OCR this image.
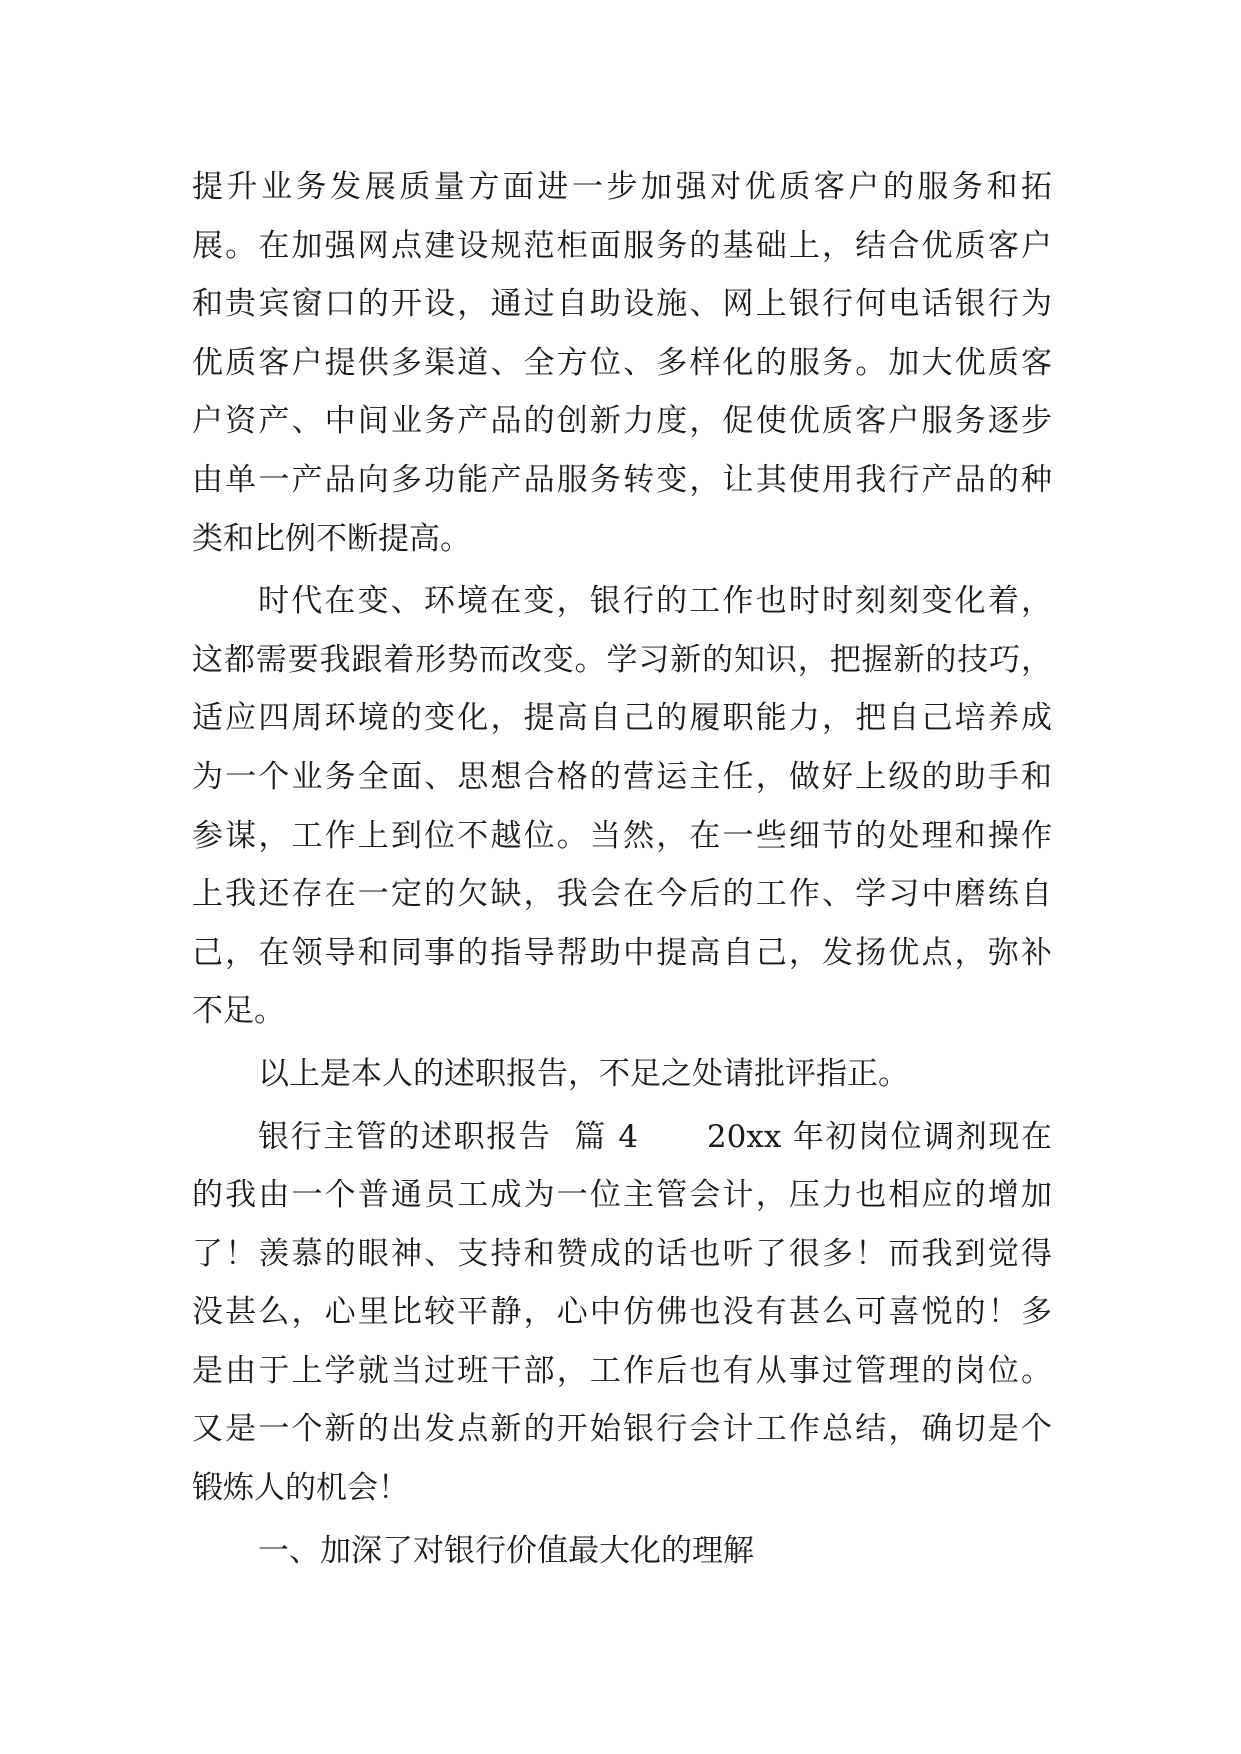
提升业务发展质量方面进一步加强对优质客户的服务和拓
展。在加强网点建设规范柜面服务的基础上，结合优质客户
和贵宾窗口的开设，通过自助设施、网上银行何电话银行为
优质客户提供多渠道、全方位、多样化的服务。加大优质客
户资产、中间业务产品的创新力度，促使优质客户服务逐步
由单一产品向多功能产品服务转变，让其使用我行产品的种
类和比例不断提高。
时代在变、环境在变，银行的工作也时时刻刻变化着，
这都需要我跟着形势而改变。学习新的知识，把握新的技巧，
适应四周环境的变化，提高自己的履职能力，把自己培养成
为一个业务全面、思想合格的营运主任，做好上级的助手和
参谋，工作上到位不越位。当然，在一些细节的处理和操作
上我还存在一定的欠缺，我会在今后的工作、学习中磨练自
己，在领导和同事的指导帮助中提高自己，发扬优点，弥补
不足。
以上是本人的述职报告，不足之处请批评指正。
银行主管的述职报告  篇 4      20xx 年初岗位调剂现在
的我由一个普通员工成为一位主管会计，压力也相应的增加
了！羡慕的眼神、支持和赞成的话也听了很多！而我到觉得
没甚么，心里比较平静，心中仿佛也没有甚么可喜悦的！多
是由于上学就当过班干部，工作后也有从事过管理的岗位。
又是一个新的出发点新的开始银行会计工作总结，确切是个
锻炼人的机会！
一、加深了对银行价值最大化的理解
